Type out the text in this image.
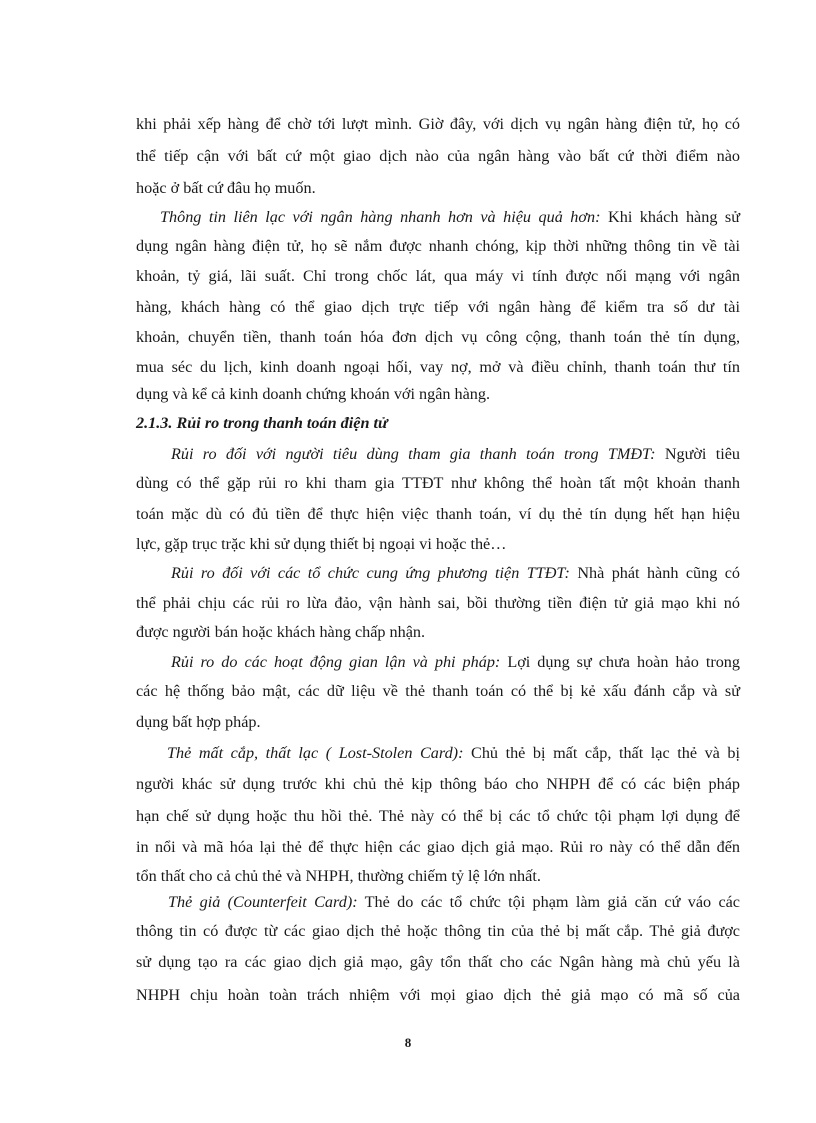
khi phải xếp hàng để chờ tới lượt mình. Giờ đây, với dịch vụ ngân hàng điện tử, họ có
thể tiếp cận với bất cứ một giao dịch nào của ngân hàng vào bất cứ thời điểm nào
hoặc ở bất cứ đâu họ muốn.
Thông tin liên lạc với ngân hàng nhanh hơn và hiệu quả hơn: Khi khách hàng sử
dụng ngân hàng điện tử, họ sẽ nắm được nhanh chóng, kịp thời những thông tin về tài
khoản, tỷ giá, lãi suất. Chỉ trong chốc lát, qua máy vi tính được nối mạng với ngân
hàng, khách hàng có thể giao dịch trực tiếp với ngân hàng để kiểm tra số dư tài
khoản, chuyển tiền, thanh toán hóa đơn dịch vụ công cộng, thanh toán thẻ tín dụng,
mua séc du lịch, kinh doanh ngoại hối, vay nợ, mở và điều chỉnh, thanh toán thư tín
dụng và kể cả kinh doanh chứng khoán với ngân hàng.
2.1.3. Rủi ro trong thanh toán điện tử
Rủi ro đối với người tiêu dùng tham gia thanh toán trong TMĐT: Người tiêu
dùng có thể gặp rủi ro khi tham gia TTĐT như không thể hoàn tất một khoản thanh
toán mặc dù có đủ tiền để thực hiện việc thanh toán, ví dụ thẻ tín dụng hết hạn hiệu
lực, gặp trục trặc khi sử dụng thiết bị ngoại vi hoặc thẻ…
Rủi ro đối với các tổ chức cung ứng phương tiện TTĐT: Nhà phát hành cũng có
thể phải chịu các rủi ro lừa đảo, vận hành sai, bồi thường tiền điện tử giả mạo khi nó
được người bán hoặc khách hàng chấp nhận.
Rủi ro do các hoạt động gian lận và phi pháp: Lợi dụng sự chưa hoàn hảo trong
các hệ thống bảo mật, các dữ liệu về thẻ thanh toán có thể bị kẻ xấu đánh cắp và sử
dụng bất hợp pháp.
Thẻ mất cắp, thất lạc ( Lost-Stolen Card): Chủ thẻ bị mất cắp, thất lạc thẻ và bị
người khác sử dụng trước khi chủ thẻ kịp thông báo cho NHPH để có các biện pháp
hạn chế sử dụng hoặc thu hồi thẻ. Thẻ này có thể bị các tổ chức tội phạm lợi dụng để
in nổi và mã hóa lại thẻ để thực hiện các giao dịch giả mạo. Rủi ro này có thể dẫn đến
tổn thất cho cả chủ thẻ và NHPH, thường chiếm tỷ lệ lớn nhất.
Thẻ giả (Counterfeit Card): Thẻ do các tổ chức tội phạm làm giả căn cứ váo các
thông tin có được từ các giao dịch thẻ hoặc thông tin của thẻ bị mất cắp. Thẻ giả được
sử dụng tạo ra các giao dịch giả mạo, gây tổn thất cho các Ngân hàng mà chủ yếu là
NHPH chịu hoàn toàn trách nhiệm với mọi giao dịch thẻ giả mạo có mã số của
8
